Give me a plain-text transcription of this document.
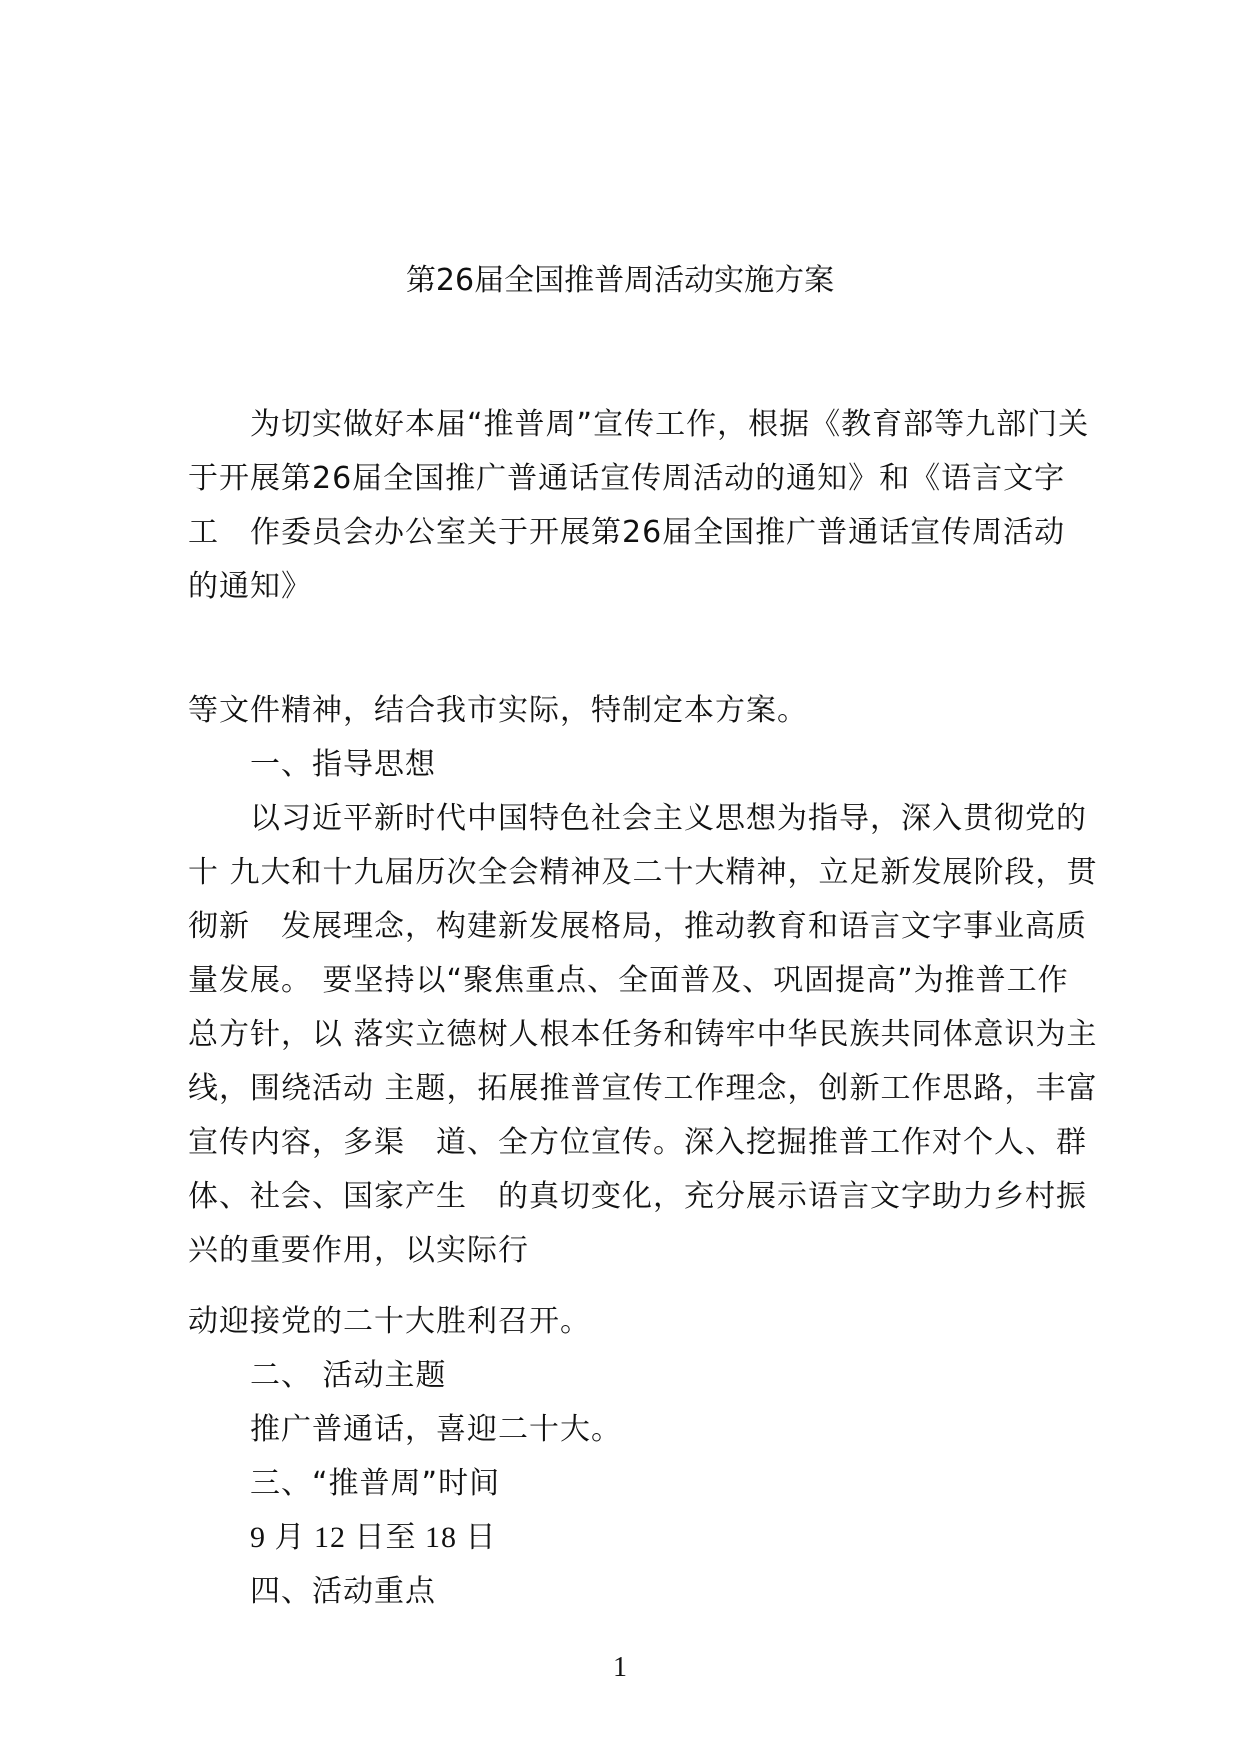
第26届全国推普周活动实施方案
为切实做好本届“推普周”宣传工作，根据《教育部等九部门关
于开展第26届全国推广普通话宣传周活动的通知》和《语言文字
工　作委员会办公室关于开展第26届全国推广普通话宣传周活动
的通知》
等文件精神，结合我市实际，特制定本方案。
一、指导思想
以习近平新时代中国特色社会主义思想为指导，深入贯彻党的
十 九大和十九届历次全会精神及二十大精神，立足新发展阶段，贯
彻新　发展理念，构建新发展格局，推动教育和语言文字事业高质
量发展。 要坚持以“聚焦重点、全面普及、巩固提高”为推普工作
总方针，以 落实立德树人根本任务和铸牢中华民族共同体意识为主
线，围绕活动 主题，拓展推普宣传工作理念，创新工作思路，丰富
宣传内容，多渠　道、全方位宣传。深入挖掘推普工作对个人、群
体、社会、国家产生　的真切变化，充分展示语言文字助力乡村振
兴的重要作用，以实际行
动迎接党的二十大胜利召开。
二、 活动主题
推广普通话，喜迎二十大。
三、“推普周”时间
9 月 12 日至 18 日
四、活动重点
1
